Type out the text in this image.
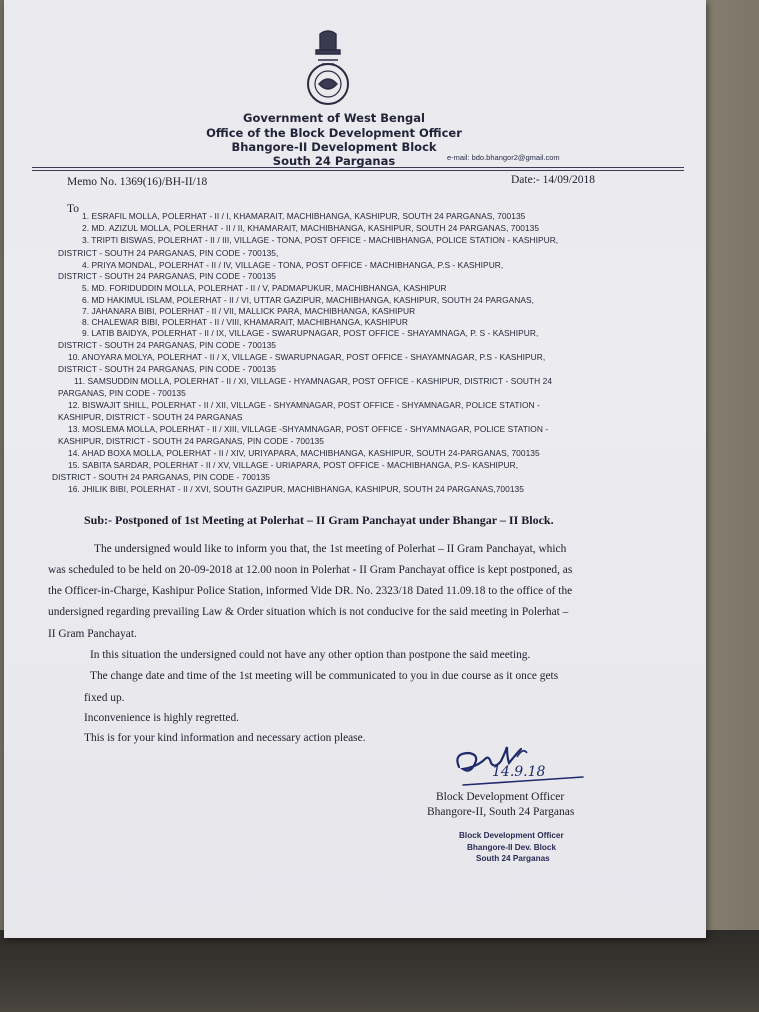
Government of West Bengal
Office of the Block Development Officer
Bhangore-II Development Block
South 24 Parganas	e-mail: bdo.bhangor2@gmail.com
Memo No. 1369(16)/BH-II/18	Date:- 14/09/2018
To
1. ESRAFIL MOLLA, POLERHAT - II / I, KHAMARAIT, MACHIBHANGA, KASHIPUR, SOUTH 24 PARGANAS, 700135
2. MD. AZIZUL MOLLA, POLERHAT - II / II, KHAMARAIT, MACHIBHANGA, KASHIPUR, SOUTH 24 PARGANAS, 700135
3. TRIPTI BISWAS, POLERHAT - II / III, VILLAGE - TONA, POST OFFICE - MACHIBHANGA, POLICE STATION - KASHIPUR,
DISTRICT - SOUTH 24 PARGANAS, PIN CODE - 700135,
4. PRIYA MONDAL, POLERHAT - II / IV, VILLAGE - TONA, POST OFFICE - MACHIBHANGA, P.S - KASHIPUR,
DISTRICT - SOUTH 24 PARGANAS, PIN CODE - 700135
5. MD. FORIDUDDIN MOLLA, POLERHAT - II / V, PADMAPUKUR, MACHIBHANGA, KASHIPUR
6. MD HAKIMUL ISLAM, POLERHAT - II / VI, UTTAR GAZIPUR, MACHIBHANGA, KASHIPUR, SOUTH 24 PARGANAS,
7. JAHANARA BIBI, POLERHAT - II / VII, MALLICK PARA, MACHIBHANGA, KASHIPUR
8. CHALEWAR BIBI, POLERHAT - II / VIII, KHAMARAIT, MACHIBHANGA, KASHIPUR
9. LATIB BAIDYA, POLERHAT - II / IX, VILLAGE - SWARUPNAGAR, POST OFFICE - SHAYAMNAGA, P. S - KASHIPUR,
DISTRICT - SOUTH 24 PARGANAS, PIN CODE - 700135
10. ANOYARA MOLYA, POLERHAT - II / X, VILLAGE - SWARUPNAGAR, POST OFFICE - SHAYAMNAGAR, P.S - KASHIPUR,
DISTRICT - SOUTH 24 PARGANAS, PIN CODE - 700135
11. SAMSUDDIN MOLLA, POLERHAT - II / XI, VILLAGE - HYAMNAGAR, POST OFFICE - KASHIPUR, DISTRICT - SOUTH 24
PARGANAS, PIN CODE - 700135
12. BISWAJIT SHILL, POLERHAT - II / XII, VILLAGE - SHYAMNAGAR, POST OFFICE - SHYAMNAGAR, POLICE STATION -
KASHIPUR, DISTRICT - SOUTH 24 PARGANAS
13. MOSLEMA MOLLA, POLERHAT - II / XIII, VILLAGE -SHYAMNAGAR, POST OFFICE - SHYAMNAGAR, POLICE STATION -
KASHIPUR, DISTRICT - SOUTH 24 PARGANAS, PIN CODE - 700135
14. AHAD BOXA MOLLA, POLERHAT - II / XIV, URIYAPARA, MACHIBHANGA, KASHIPUR, SOUTH 24-PARGANAS, 700135
15. SABITA SARDAR, POLERHAT - II / XV, VILLAGE - URIAPARA, POST OFFICE - MACHIBHANGA, P.S- KASHIPUR,
DISTRICT - SOUTH 24 PARGANAS, PIN CODE - 700135
16. JHILIK BIBI, POLERHAT - II / XVI, SOUTH GAZIPUR, MACHIBHANGA, KASHIPUR, SOUTH 24 PARGANAS,700135
Sub:- Postponed of 1st Meeting at Polerhat – II Gram Panchayat under Bhangar – II Block.
The undersigned would like to inform you that, the 1st meeting of Polerhat – II Gram Panchayat, which
was scheduled to be held on 20-09-2018 at 12.00 noon in Polerhat - II Gram Panchayat office is kept postponed, as
the Officer-in-Charge, Kashipur Police Station, informed Vide DR. No. 2323/18 Dated 11.09.18 to the office of the
undersigned regarding prevailing Law & Order situation which is not conducive for the said meeting in Polerhat –
II Gram Panchayat.
In this situation the undersigned could not have any other option than postpone the said meeting.
The change date and time of the 1st meeting will be communicated to you in due course as it once gets
fixed up.
Inconvenience is highly regretted.
This is for your kind information and necessary action please.
14.9.18
Block Development Officer
Bhangore-II, South 24 Parganas
Block Development Officer
Bhangore-II Dev. Block
South 24 Parganas
